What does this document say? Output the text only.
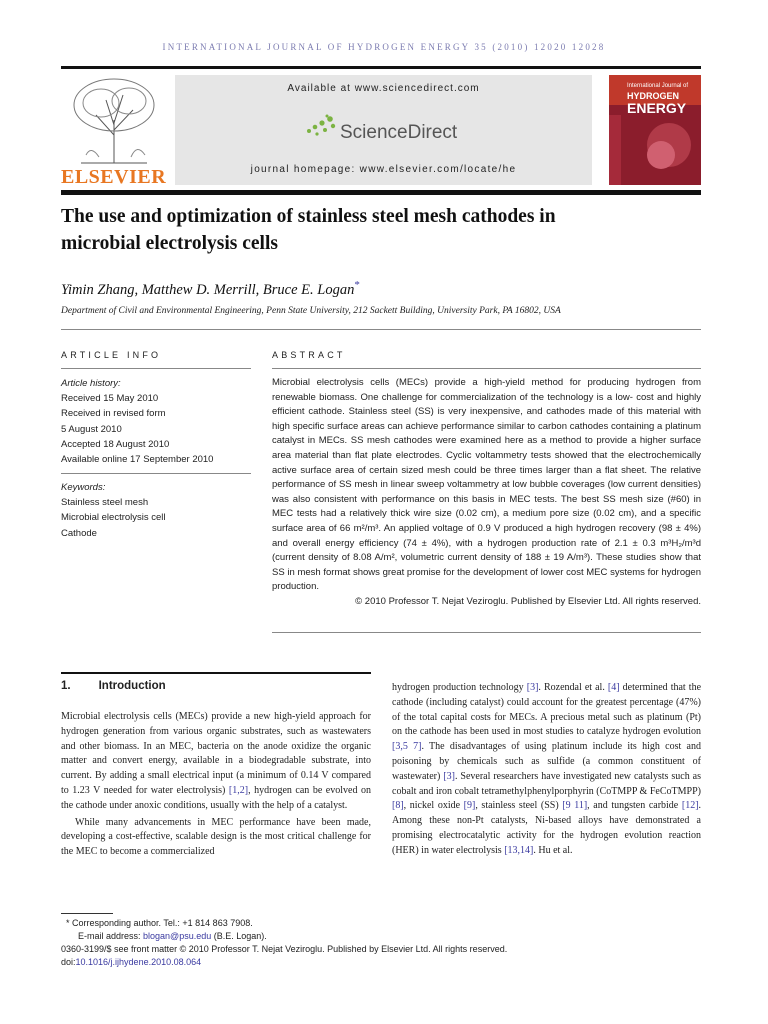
INTERNATIONAL JOURNAL OF HYDROGEN ENERGY 35 (2010) 12020 12028
ELSEVIER
Available at www.sciencedirect.com
ScienceDirect
journal homepage: www.elsevier.com/locate/he
International Journal of
HYDROGEN
ENERGY
The use and optimization of stainless steel mesh cathodes in
microbial electrolysis cells
Yimin Zhang, Matthew D. Merrill, Bruce E. Logan*
Department of Civil and Environmental Engineering, Penn State University, 212 Sackett Building, University Park, PA 16802, USA
ARTICLE INFO
Article history:
Received 15 May 2010
Received in revised form
5 August 2010
Accepted 18 August 2010
Available online 17 September 2010
Keywords:
Stainless steel mesh
Microbial electrolysis cell
Cathode
ABSTRACT

Microbial electrolysis cells (MECs) provide a high-yield method for producing hydrogen from renewable biomass. One challenge for commercialization of the technology is a low- cost and highly efficient cathode. Stainless steel (SS) is very inexpensive, and cathodes made of this material with high specific surface areas can achieve performance similar to carbon cathodes containing a platinum catalyst in MECs. SS mesh cathodes were examined here as a method to provide a higher surface area material than flat plate electrodes. Cyclic voltammetry tests showed that the electrochemically active surface area of certain sized mesh could be three times larger than a flat sheet. The relative performance of SS mesh in linear sweep voltammetry at low bubble coverages (low current densities) was also consistent with performance on this basis in MEC tests. The best SS mesh size (#60) in MEC tests had a relatively thick wire size (0.02 cm), a medium pore size (0.02 cm), and a specific surface area of 66 m²/m³. An applied voltage of 0.9 V produced a high hydrogen recovery (98 ± 4%) and overall energy efficiency (74 ± 4%), with a hydrogen production rate of 2.1 ± 0.3 m³H₂/m³d (current density of 8.08 A/m², volumetric current density of 188 ± 19 A/m³). These studies show that SS in mesh format shows great promise for the development of lower cost MEC systems for hydrogen production.

© 2010 Professor T. Nejat Veziroglu. Published by Elsevier Ltd. All rights reserved.

1. Introduction

Microbial electrolysis cells (MECs) provide a new high-yield approach for hydrogen generation from various organic substrates, such as wastewaters and other biomass. In an MEC, bacteria on the anode oxidize the organic matter and convert energy, available in a biodegradable substrate, into current. By adding a small electrical input (a minimum of 0.14 V compared to 1.23 V needed for water electrolysis) [1,2], hydrogen can be evolved on the cathode under anoxic conditions, usually with the help of a catalyst.

While many advancements in MEC performance have been made, developing a cost-effective, scalable design is the most critical challenge for the MEC to become a commercialized

hydrogen production technology [3]. Rozendal et al. [4] determined that the cathode (including catalyst) could account for the greatest percentage (47%) of the total capital costs for MECs. A precious metal such as platinum (Pt) on the cathode has been used in most studies to catalyze hydrogen evolution [3,5 7]. The disadvantages of using platinum include its high cost and poisoning by chemicals such as sulfide (a common constituent of wastewater) [3]. Several researchers have investigated new catalysts such as cobalt and iron cobalt tetramethylphenylporphyrin (CoTMPP & FeCoTMPP) [8], nickel oxide [9], stainless steel (SS) [9 11], and tungsten carbide [12]. Among these non-Pt catalysts, Ni-based alloys have demonstrated a promising electrocatalytic activity for the hydrogen evolution reaction (HER) in water electrolysis [13,14]. Hu et al.

* Corresponding author. Tel.: +1 814 863 7908.
E-mail address: blogan@psu.edu (B.E. Logan).
0360-3199/$ see front matter © 2010 Professor T. Nejat Veziroglu. Published by Elsevier Ltd. All rights reserved.
doi:10.1016/j.ijhydene.2010.08.064
